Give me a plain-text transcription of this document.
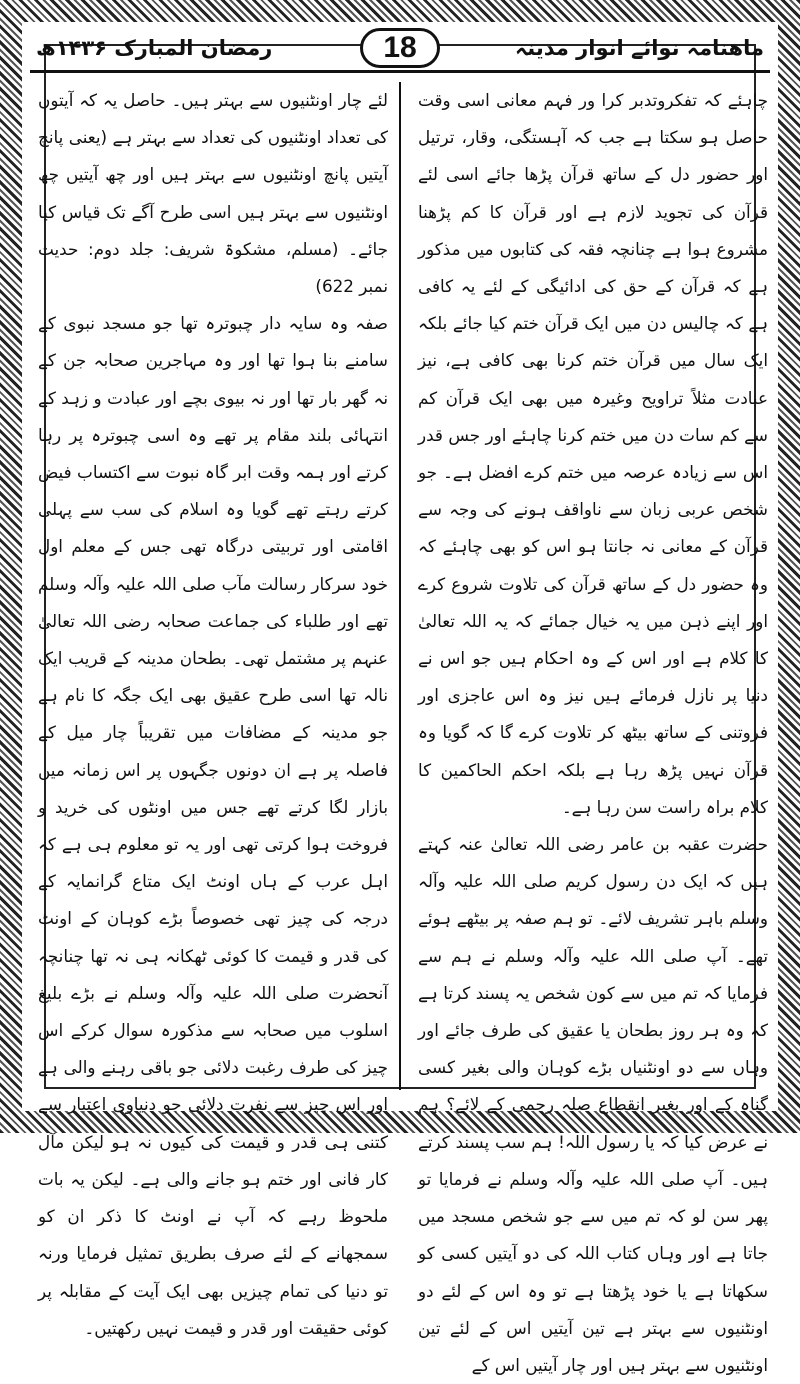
ماهنامہ نوائے انوار مدینہ
18
رمضان المبارک ۱۴۳۶ھ

چاہئے کہ تفکروتدبر کرا ور فہم معانی اسی وقت حاصل ہو سکتا ہے جب کہ آہستگی، وقار، ترتیل اور حضور دل کے ساتھ قرآن پڑھا جائے اسی لئے قرآن کی تجوید لازم ہے اور قرآن کا کم پڑھنا مشروع ہوا ہے چنانچہ فقہ کی کتابوں میں مذکور ہے کہ قرآن کے حق کی ادائیگی کے لئے یہ کافی ہے کہ چالیس دن میں ایک قرآن ختم کیا جائے بلکہ ایک سال میں قرآن ختم کرنا بھی کافی ہے، نیز عبادت مثلاً تراویح وغیرہ میں بھی ایک قرآن کم سے کم سات دن میں ختم کرنا چاہئے اور جس قدر اس سے زیادہ عرصہ میں ختم کرے افضل ہے۔ جو شخص عربی زبان سے ناواقف ہونے کی وجہ سے قرآن کے معانی نہ جانتا ہو اس کو بھی چاہئے کہ وہ حضور دل کے ساتھ قرآن کی تلاوت شروع کرے اور اپنے ذہن میں یہ خیال جمائے کہ یہ اللہ تعالیٰ کا کلام ہے اور اس کے وہ احکام ہیں جو اس نے دنیا پر نازل فرمائے ہیں نیز وہ اس عاجزی اور فروتنی کے ساتھ بیٹھ کر تلاوت کرے گا کہ گویا وہ قرآن نہیں پڑھ رہا ہے بلکہ احکم الحاکمین کا کلام براہ راست سن رہا ہے۔

حضرت عقبہ بن عامر رضی اللہ تعالیٰ عنہ کہتے ہیں کہ ایک دن رسول کریم صلی اللہ علیہ وآلہ وسلم باہر تشریف لائے۔ تو ہم صفہ پر بیٹھے ہوئے تھے۔ آپ صلی اللہ علیہ وآلہ وسلم نے ہم سے فرمایا کہ تم میں سے کون شخص یہ پسند کرتا ہے کہ وہ ہر روز بطحان یا عقیق کی طرف جائے اور وہاں سے دو اونٹنیاں بڑے کوہان والی بغیر کسی گناہ کے اور بغیر انقطاع صلہ رحمی کے لائے؟ ہم نے عرض کیا کہ یا رسول اللہ! ہم سب پسند کرتے ہیں۔ آپ صلی اللہ علیہ وآلہ وسلم نے فرمایا تو پھر سن لو کہ تم میں سے جو شخص مسجد میں جاتا ہے اور وہاں کتاب اللہ کی دو آیتیں کسی کو سکھاتا ہے یا خود پڑھتا ہے تو وہ اس کے لئے دو اونٹنیوں سے بہتر ہے تین آیتیں اس کے لئے تین اونٹنیوں سے بہتر ہیں اور چار آیتیں اس کے

لئے چار اونٹنیوں سے بہتر ہیں۔ حاصل یہ کہ آیتوں کی تعداد اونٹنیوں کی تعداد سے بہتر ہے (یعنی پانچ آیتیں پانچ اونٹنیوں سے بہتر ہیں اور چھ آیتیں چھ اونٹنیوں سے بہتر ہیں اسی طرح آگے تک قیاس کیا جائے۔ (مسلم، مشکوۃ شریف: جلد دوم: حدیث نمبر 622)

صفہ وہ سایہ دار چبوترہ تھا جو مسجد نبوی کے سامنے بنا ہوا تھا اور وہ مہاجرین صحابہ جن کے نہ گھر بار تھا اور نہ بیوی بچے اور عبادت و زہد کے انتہائی بلند مقام پر تھے وہ اسی چبوترہ پر رہا کرتے اور ہمہ وقت ابر گاہ نبوت سے اکتساب فیض کرتے رہتے تھے گویا وہ اسلام کی سب سے پہلی اقامتی اور تربیتی درگاہ تھی جس کے معلم اول خود سرکار رسالت مآب صلی اللہ علیہ وآلہ وسلم تھے اور طلباء کی جماعت صحابہ رضی اللہ تعالیٰ عنہم پر مشتمل تھی۔ بطحان مدینہ کے قریب ایک نالہ تھا اسی طرح عقیق بھی ایک جگہ کا نام ہے جو مدینہ کے مضافات میں تقریباً چار میل کے فاصلہ پر ہے ان دونوں جگہوں پر اس زمانہ میں بازار لگا کرتے تھے جس میں اونٹوں کی خرید و فروخت ہوا کرتی تھی اور یہ تو معلوم ہی ہے کہ اہل عرب کے ہاں اونٹ ایک متاع گرانمایہ کے درجہ کی چیز تھی خصوصاً بڑے کوہان کے اونٹ کی قدر و قیمت کا کوئی ٹھکانہ ہی نہ تھا چنانچہ آنحضرت صلی اللہ علیہ وآلہ وسلم نے بڑے بلیغ اسلوب میں صحابہ سے مذکورہ سوال کرکے اس چیز کی طرف رغبت دلائی جو باقی رہنے والی ہے اور اس چیز سے نفرت دلائی جو دنیاوی اعتبار سے کتنی ہی قدر و قیمت کی کیوں نہ ہو لیکن مآل کار فانی اور ختم ہو جانے والی ہے۔ لیکن یہ بات ملحوظ رہے کہ آپ نے اونٹ کا ذکر ان کو سمجھانے کے لئے صرف بطریق تمثیل فرمایا ورنہ تو دنیا کی تمام چیزیں بھی ایک آیت کے مقابلہ پر کوئی حقیقت اور قدر و قیمت نہیں رکھتیں۔
